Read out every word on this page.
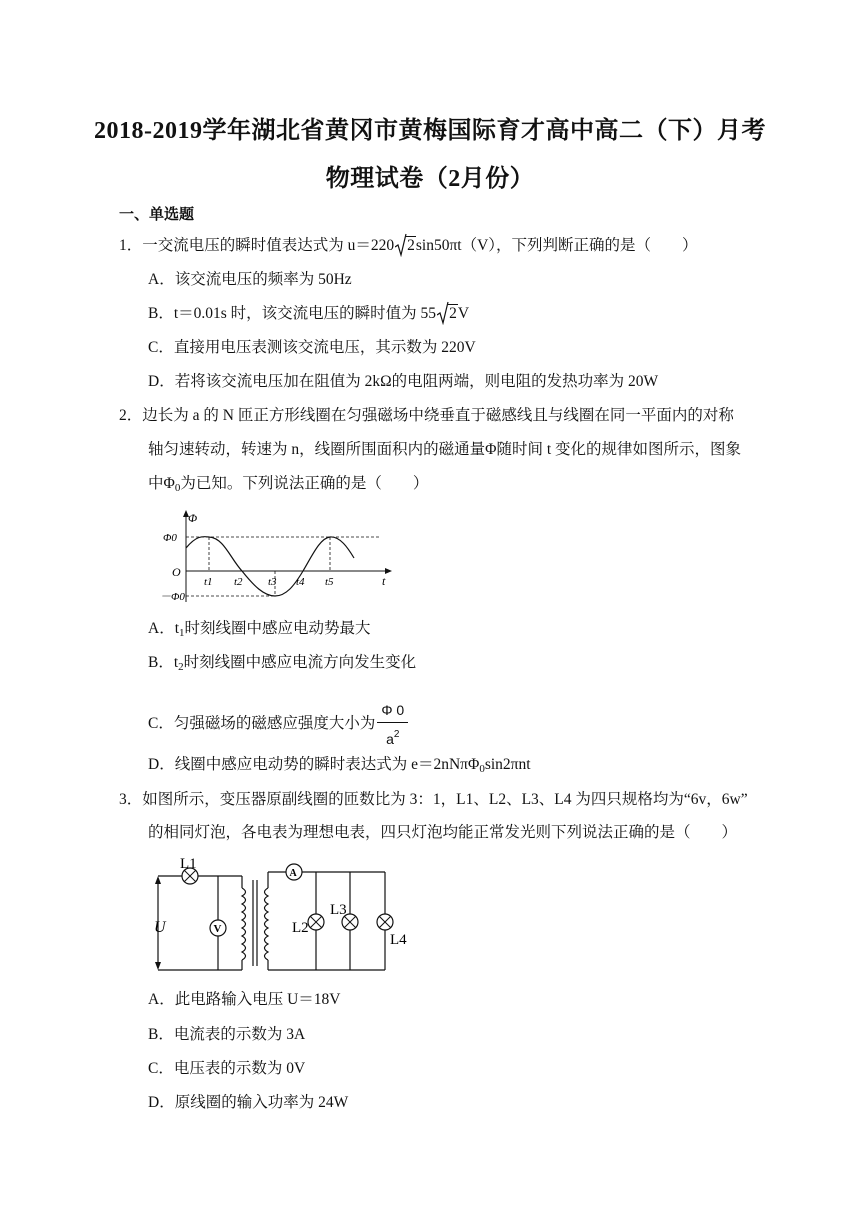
2018-2019学年湖北省黄冈市黄梅国际育才高中高二（下）月考
物理试卷（2月份）
一、单选题
1．一交流电压的瞬时值表达式为 u＝220 2sin50πt（V），下列判断正确的是（　　）
A．该交流电压的频率为 50Hz
B．t＝0.01s 时，该交流电压的瞬时值为 55 2V
C．直接用电压表测该交流电压，其示数为 220V
D．若将该交流电压加在阻值为 2kΩ的电阻两端，则电阻的发热功率为 20W
2．边长为 a 的 N 匝正方形线圈在匀强磁场中绕垂直于磁感线且与线圈在同一平面内的对称
轴匀速转动，转速为 n，线圈所围面积内的磁通量Φ随时间 t 变化的规律如图所示，图象
中$\Phi_0$为已知。下列说法正确的是（　　）
Φ
Φ0
O
－Φ0
t1 t2 t3 t4 t5	t
A．$t_1$时刻线圈中感应电动势最大
B．$t_2$时刻线圈中感应电流方向发生变化
C．匀强磁场的磁感应强度大小为 $\frac{\Phi 0}{a^2}$
D．线圈中感应电动势的瞬时表达式为 e＝2nNπΦ$_0$sin2πnt
3．如图所示，变压器原副线圈的匝数比为 3：1，L1、L2、L3、L4 为四只规格均为“6v，6w”
的相同灯泡，各电表为理想电表，四只灯泡均能正常发光则下列说法正确的是（　　）
U	V
L1
A
L2
L3
L4
A．此电路输入电压 U＝18V
B．电流表的示数为 3A
C．电压表的示数为 0V
D．原线圈的输入功率为 24W
